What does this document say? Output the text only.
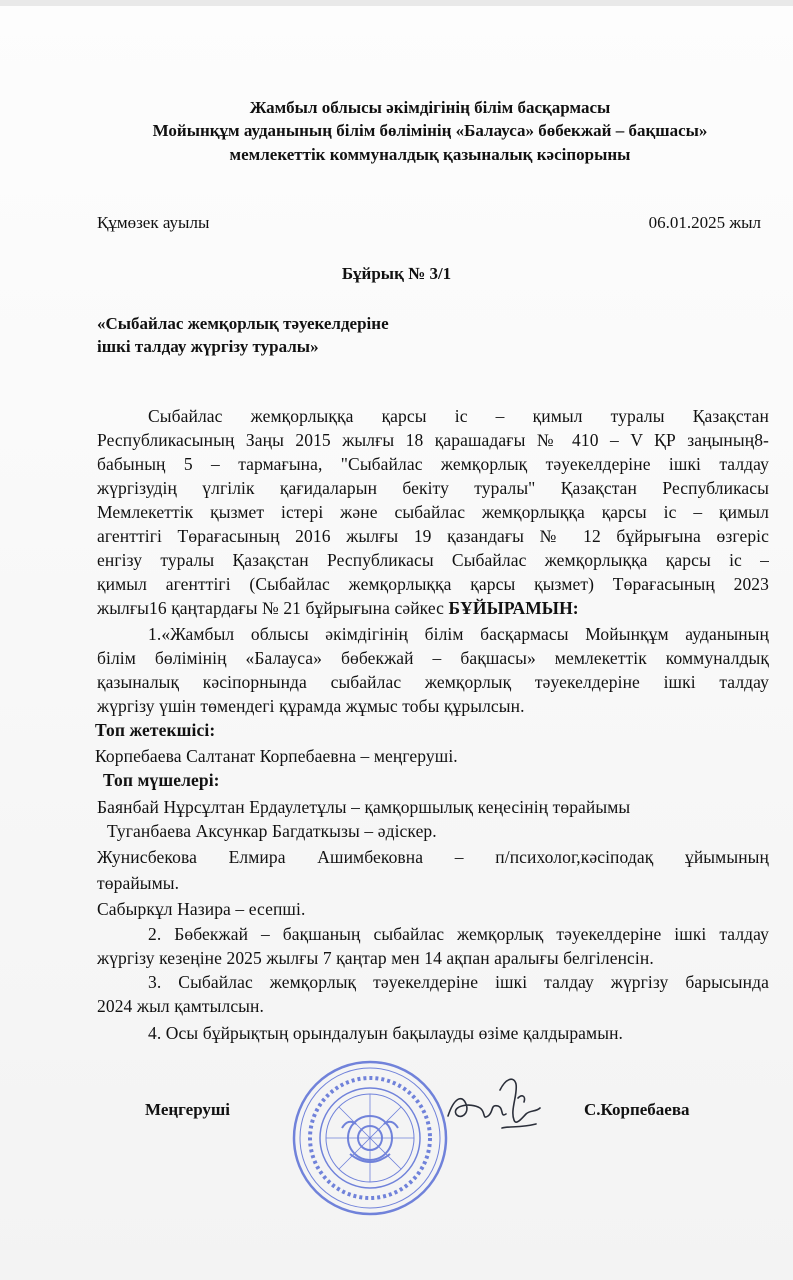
Жамбыл облысы әкімдігінің білім басқармасы
Мойынқұм ауданының білім бөлімінің «Балауса» бөбекжай – бақшасы»
мемлекеттік коммуналдық қазыналық кәсіпорыны
Құмөзек ауылы	06.01.2025 жыл
Бұйрық № 3/1
«Сыбайлас жемқорлық тәуекелдеріне
ішкі талдау жүргізу туралы»
Сыбайлас жемқорлыққа қарсы іс – қимыл туралы Қазақстан
Республикасының Заңы 2015 жылғы 18 қарашадағы № 410 – V ҚР заңының8-
бабының 5 – тармағына, "Сыбайлас жемқорлық тәуекелдеріне ішкі талдау
жүргізудің үлгілік қағидаларын бекіту туралы" Қазақстан Республикасы
Мемлекеттік қызмет істері және сыбайлас жемқорлыққа қарсы іс – қимыл
агенттігі Төрағасының 2016 жылғы 19 қазандағы № 12 бұйрығына өзгеріс
енгізу туралы Қазақстан Республикасы Сыбайлас жемқорлыққа қарсы іс –
қимыл агенттігі (Сыбайлас жемқорлыққа қарсы қызмет) Төрағасының 2023
жылғы16 қаңтардағы № 21 бұйрығына сәйкес БҰЙЫРАМЫН:
1.«Жамбыл облысы әкімдігінің білім басқармасы Мойынқұм ауданының
білім бөлімінің «Балауса» бөбекжай – бақшасы» мемлекеттік коммуналдық
қазыналық кәсіпорнында сыбайлас жемқорлық тәуекелдеріне ішкі талдау
жүргізу үшін төмендегі құрамда жұмыс тобы құрылсын.
Топ жетекшісі:
Корпебаева Салтанат Корпебаевна – меңгеруші.
Топ мүшелері:
Баянбай Нұрсұлтан Ердаулетұлы – қамқоршылық кеңесінің төрайымы
Туганбаева Аксункар Багдаткызы – әдіскер.
Жунисбекова Елмира Ашимбековна – п/психолог,кәсіподақ ұйымының
төрайымы.
Сабыркұл Назира – есепші.
2. Бөбекжай – бақшаның сыбайлас жемқорлық тәуекелдеріне ішкі талдау
жүргізу кезеңіне 2025 жылғы 7 қаңтар мен 14 ақпан аралығы белгіленсін.
3. Сыбайлас жемқорлық тәуекелдеріне ішкі талдау жүргізу барысында
2024 жыл қамтылсын.
4. Осы бұйрықтың орындалуын бақылауды өзіме қалдырамын.
Меңгеруші	С.Корпебаева
